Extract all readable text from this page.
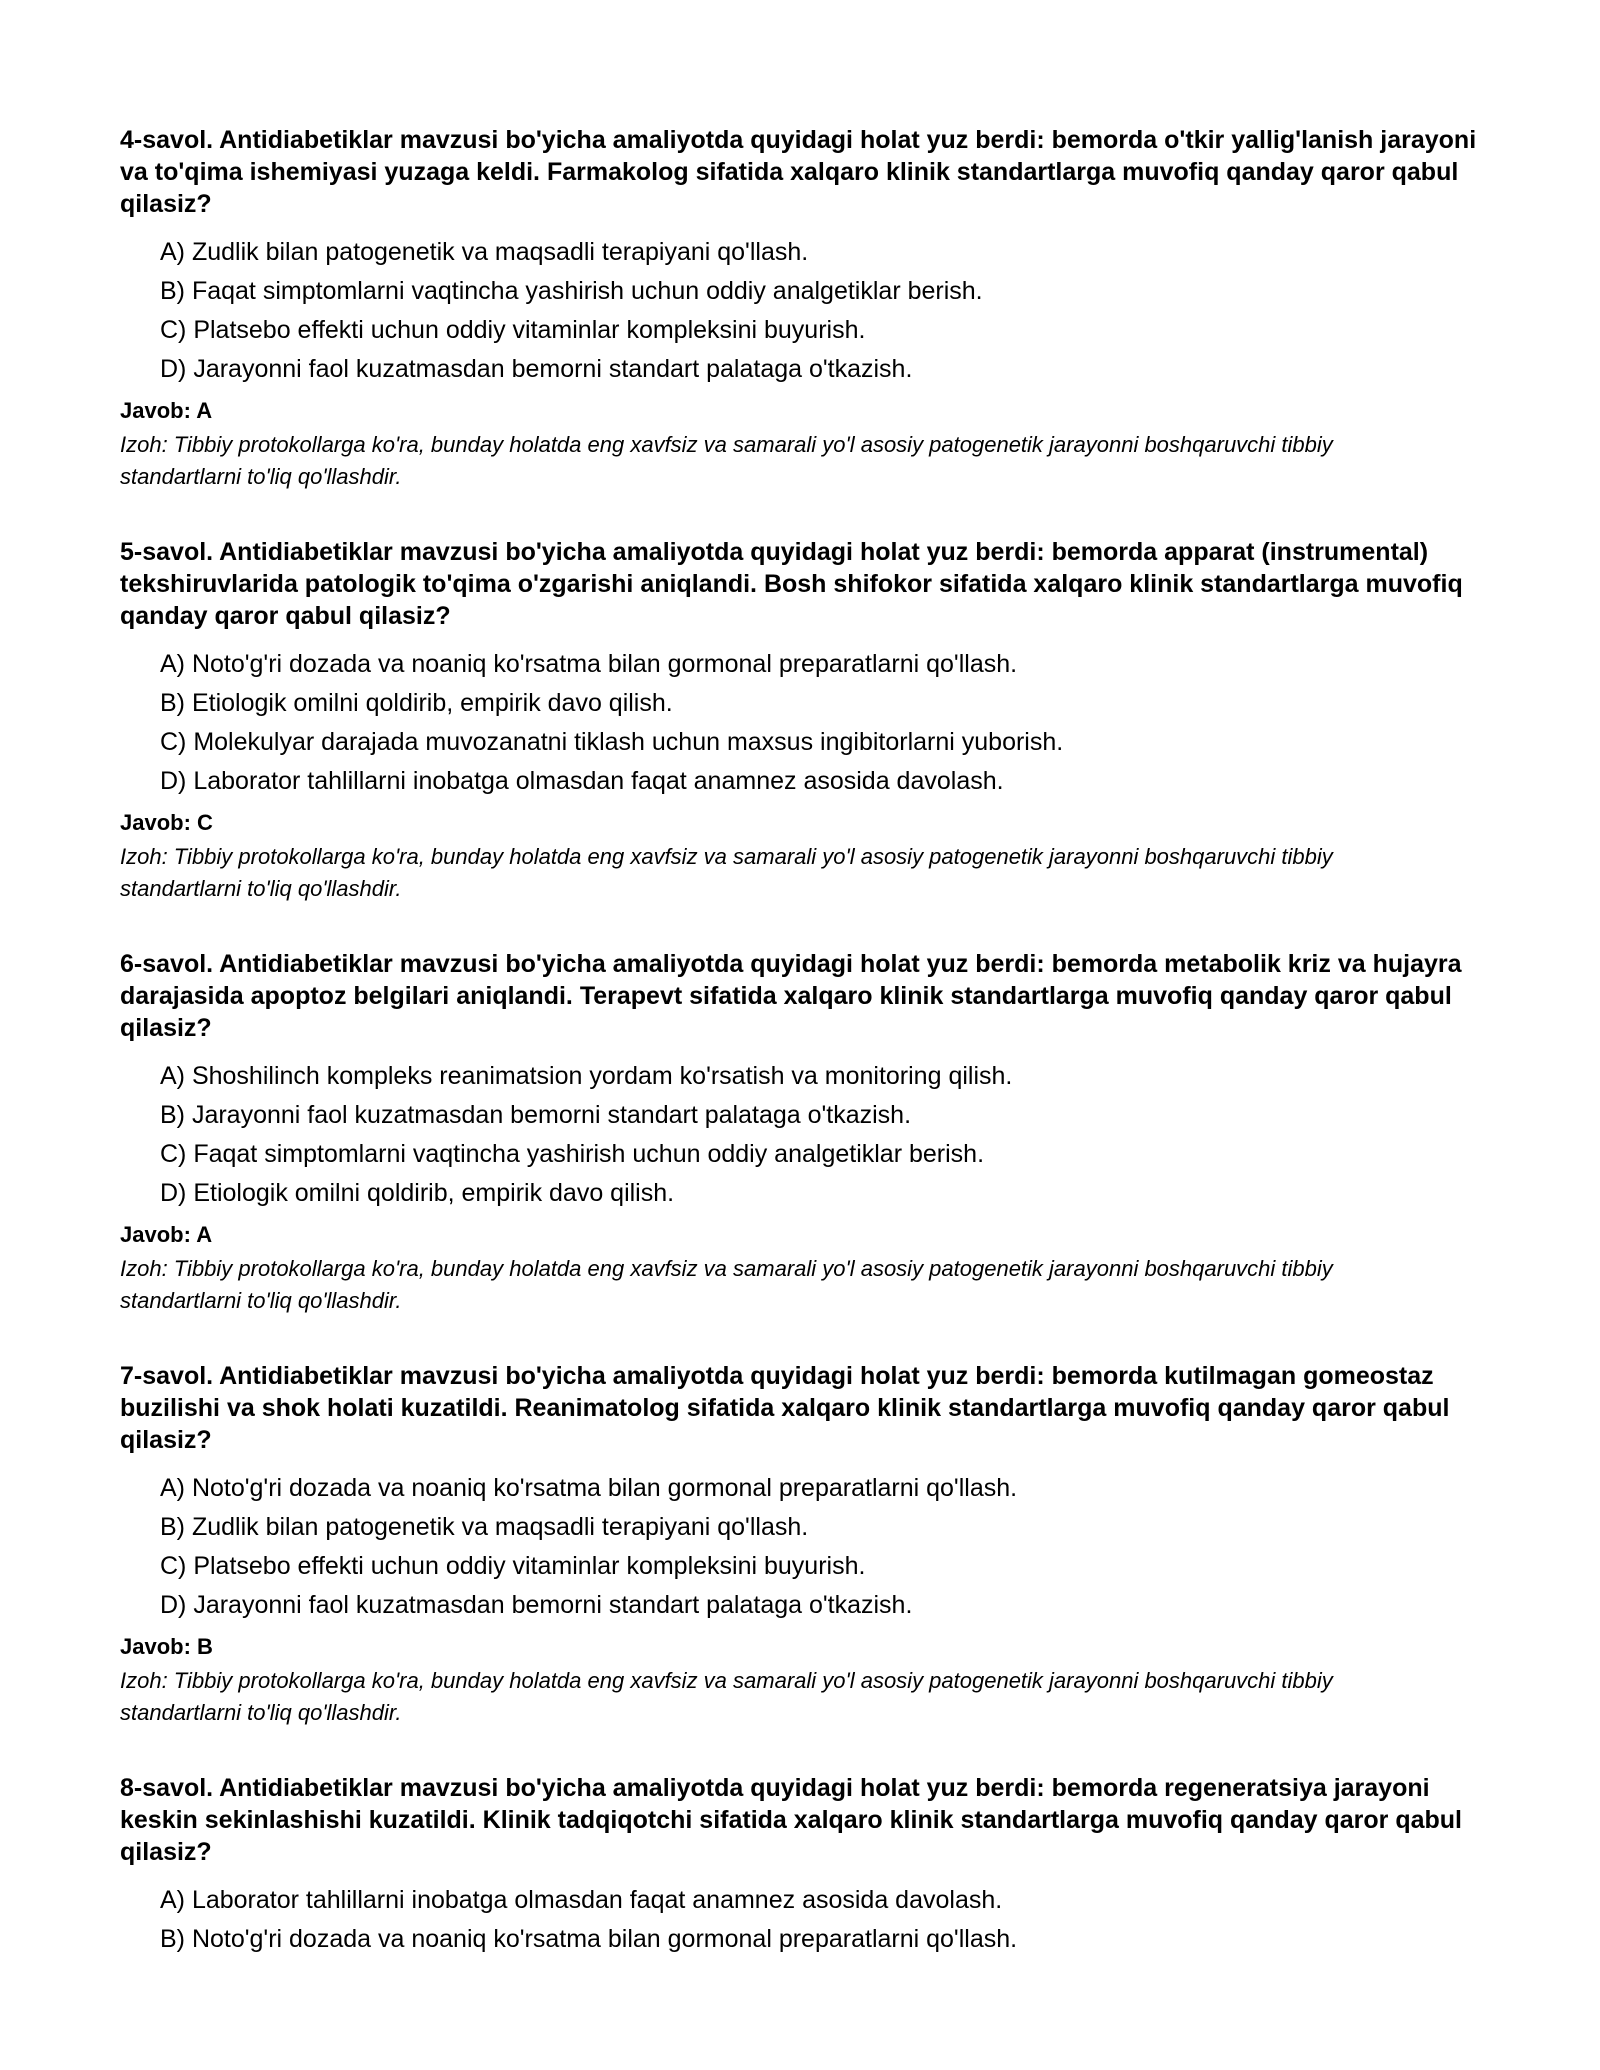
4-savol. Antidiabetiklar mavzusi bo'yicha amaliyotda quyidagi holat yuz berdi: bemorda o'tkir yallig'lanish jarayoni va to'qima ishemiyasi yuzaga keldi. Farmakolog sifatida xalqaro klinik standartlarga muvofiq qanday qaror qabul qilasiz?
A) Zudlik bilan patogenetik va maqsadli terapiyani qo'llash.
B) Faqat simptomlarni vaqtincha yashirish uchun oddiy analgetiklar berish.
C) Platsebo effekti uchun oddiy vitaminlar kompleksini buyurish.
D) Jarayonni faol kuzatmasdan bemorni standart palataga o'tkazish.
Javob: A
Izoh: Tibbiy protokollarga ko'ra, bunday holatda eng xavfsiz va samarali yo'l asosiy patogenetik jarayonni boshqaruvchi tibbiy standartlarni to'liq qo'llashdir.
5-savol. Antidiabetiklar mavzusi bo'yicha amaliyotda quyidagi holat yuz berdi: bemorda apparat (instrumental) tekshiruvlarida patologik to'qima o'zgarishi aniqlandi. Bosh shifokor sifatida xalqaro klinik standartlarga muvofiq qanday qaror qabul qilasiz?
A) Noto'g'ri dozada va noaniq ko'rsatma bilan gormonal preparatlarni qo'llash.
B) Etiologik omilni qoldirib, empirik davo qilish.
C) Molekulyar darajada muvozanatni tiklash uchun maxsus ingibitorlarni yuborish.
D) Laborator tahlillarni inobatga olmasdan faqat anamnez asosida davolash.
Javob: C
Izoh: Tibbiy protokollarga ko'ra, bunday holatda eng xavfsiz va samarali yo'l asosiy patogenetik jarayonni boshqaruvchi tibbiy standartlarni to'liq qo'llashdir.
6-savol. Antidiabetiklar mavzusi bo'yicha amaliyotda quyidagi holat yuz berdi: bemorda metabolik kriz va hujayra darajasida apoptoz belgilari aniqlandi. Terapevt sifatida xalqaro klinik standartlarga muvofiq qanday qaror qabul qilasiz?
A) Shoshilinch kompleks reanimatsion yordam ko'rsatish va monitoring qilish.
B) Jarayonni faol kuzatmasdan bemorni standart palataga o'tkazish.
C) Faqat simptomlarni vaqtincha yashirish uchun oddiy analgetiklar berish.
D) Etiologik omilni qoldirib, empirik davo qilish.
Javob: A
Izoh: Tibbiy protokollarga ko'ra, bunday holatda eng xavfsiz va samarali yo'l asosiy patogenetik jarayonni boshqaruvchi tibbiy standartlarni to'liq qo'llashdir.
7-savol. Antidiabetiklar mavzusi bo'yicha amaliyotda quyidagi holat yuz berdi: bemorda kutilmagan gomeostaz buzilishi va shok holati kuzatildi. Reanimatolog sifatida xalqaro klinik standartlarga muvofiq qanday qaror qabul qilasiz?
A) Noto'g'ri dozada va noaniq ko'rsatma bilan gormonal preparatlarni qo'llash.
B) Zudlik bilan patogenetik va maqsadli terapiyani qo'llash.
C) Platsebo effekti uchun oddiy vitaminlar kompleksini buyurish.
D) Jarayonni faol kuzatmasdan bemorni standart palataga o'tkazish.
Javob: B
Izoh: Tibbiy protokollarga ko'ra, bunday holatda eng xavfsiz va samarali yo'l asosiy patogenetik jarayonni boshqaruvchi tibbiy standartlarni to'liq qo'llashdir.
8-savol. Antidiabetiklar mavzusi bo'yicha amaliyotda quyidagi holat yuz berdi: bemorda regeneratsiya jarayoni keskin sekinlashishi kuzatildi. Klinik tadqiqotchi sifatida xalqaro klinik standartlarga muvofiq qanday qaror qabul qilasiz?
A) Laborator tahlillarni inobatga olmasdan faqat anamnez asosida davolash.
B) Noto'g'ri dozada va noaniq ko'rsatma bilan gormonal preparatlarni qo'llash.
